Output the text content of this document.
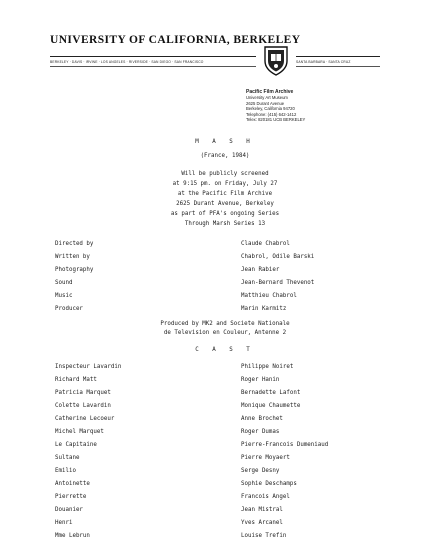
UNIVERSITY OF CALIFORNIA, BERKELEY
BERKELEY · DAVIS · IRVINE · LOS ANGELES · RIVERSIDE · SAN DIEGO · SAN FRANCISCO	SANTA BARBARA · SANTA CRUZ
Pacific Film Archive
University Art Museum
2625 Durant Avenue
Berkeley, California 94720
Telephone: (415) 642-1412
Telex: 820181 UCB BERKELEY
M A S H
(France, 1984)
Will be publicly screened
at 9:15 pm. on Friday, July 27
at the Pacific Film Archive
2625 Durant Avenue, Berkeley
as part of PFA's ongoing Series
Through Marsh Series 13
Directed by	Claude Chabrol
Written by	Chabrol, Odile Barski
Photography	Jean Rabier
Sound	Jean-Bernard Thevenot
Music	Matthieu Chabrol
Producer	Marin Karmitz
Produced by MK2 and Societe Nationale
de Television en Couleur, Antenne 2
C A S T
Inspecteur Lavardin	Philippe Noiret
Richard Matt	Roger Hanin
Patricia Marquet	Bernadette Lafont
Colette Lavardin	Monique Chaumette
Catherine Lecoeur	Anne Brochet
Michel Marquet	Roger Dumas
Le Capitaine	Pierre-Francois Dumeniaud
Sultane	Pierre Moyaert
Emilio	Serge Desny
Antoinette	Sophie Deschamps
Pierrette	Francois Angel
Douanier	Jean Mistral
Henri	Yves Arcanel
Mme Lebrun	Louise Trefin
